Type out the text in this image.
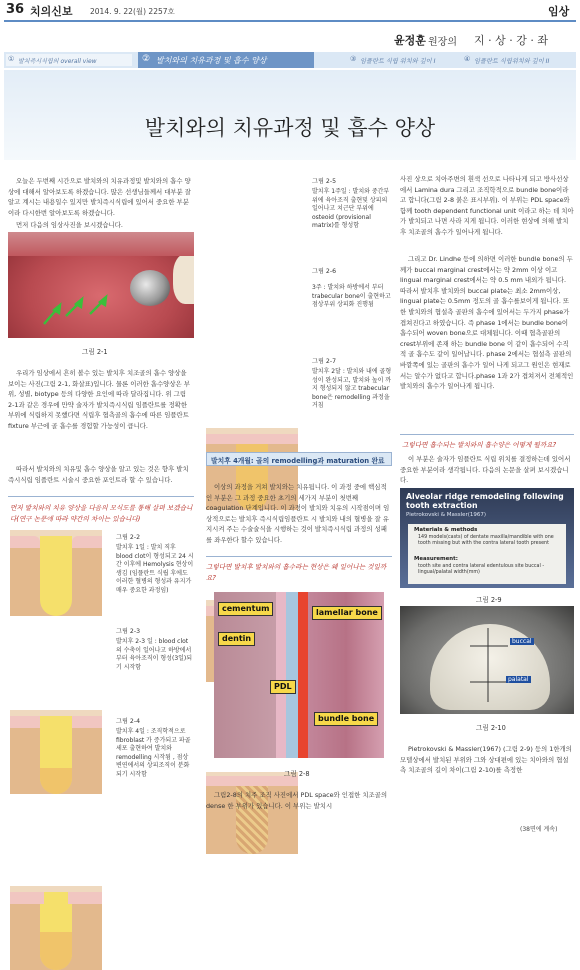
36 치의신보 2014. 9. 22(월) 2257호	임상
윤정훈 원장의 지 · 상 · 강 · 좌
① 발치즉시식립의 overall view	② 발치와의 치유과정 및 흡수 양상	③ 임플란트 식립 위치와 깊이 I	④ 임플란트 식립위치와 깊이 II
발치와의 치유과정 및 흡수 양상
오늘은 두번째 시간으로 발치와의 치유과정및 발치와의 흡수 양상에 대해서 알아보도록 하겠습니다. 많은 선생님들께서 대부분 잘 알고 계시는 내용일수 있지만 발치즉시식립에 있어서 중요한 부분이라 다시한번 알아보도록 하겠습니다.
먼저 다음의 임상사진을 보시겠습니다.
그림 2-1
우리가 임상에서 흔히 볼수 있는 발치후 치조골의 흡수 양상을 보이는 사진(그림 2-1, 화살표)입니다. 물론 이러한 흡수양상은 부위, 성별, biotype 등의 다양한 요인에 따라 달라집니다. 위 그림 2-1과 같은 경우에 만약 술자가 발치즉시식립 임플란트를 정확한 부위에 식립하지 못했다면 식립후 협측골의 흡수에 따른 임플란트 fixture 부근에 골 흡수를 경험할 가능성이 큽니다.
따라서 발치와의 치유및 흡수 양상을 알고 있는 것은 향후 발치즉시식립 임플란트 시술시 중요한 포인트라 할 수 있습니다.
먼저 발치와의 치유 양상을 다음의 모식도를 통해 살펴 보겠습니다(연구 논문에 따라 약간의 차이는 있습니다)
그림 2-2
발치후 1일 : 발치 직후 blood clot이 형성되고 24 시간 이후에 Hemolysis 현상이 생김 (임플란트 식립 후에도 이러한 혈병의 형성과 유지가 매우 중요한 과정임)
그림 2-3
발치후 2-3 일 : blood clot 의 수축이 일어나고 하방에서 부터 육아조직이 형성(3일)되기 시작함
그림 2-4
발치후 4일 : 조직학적으로 fibroblast 가 증가되고 파골세포 출현하여 발치와 remodelling 시작됨 , 점상변연에서의 상피조직이 분화되기 시작함
그림 2-5
발치후 1주일 : 발치와 중간부위에 육아조직 출현및 상피의 일어나고 치근단 부위에 osteoid (provisional matrix)를 형성함
그림 2-6
3주 : 발치와 하방에서 부터 trabecular bone이 출현하고 점상부위 상피화 진행됨
그림 2-7
발치후 2달 : 발치와 내에 골형성이 완성되고, 발치와 높이 까지 형성되지 않고 trabecular bone은 remodelling 과정을 거침
발치후 4개월: 골의 remodelling과 maturation 완료
이상의 과정을 거쳐 발치와는 치유됩니다. 이 과정 중에 핵심적인 부분은 그 과정 중요한 초기의 세가지 부분이 첫번째 coagulation 단계입니다. 이 과정이 발치와 치유의 시작점이며 임상적으로는 발치후 즉시식립임플란트 시 발치와 내의 혈병을 잘 유지시켜 주는 수술술식을 시행하는 것이 발치즉시식립 과정의 성패를 좌우한다 할수 있습니다.
그렇다면 발치후 발치와의 흡수라는 현상은 왜 일어나는 것일까요?
cementum
dentin
lamellar bone
PDL
bundle bone
그림 2-8
그림2-8의 치주 조직 사진에서 PDL space와 인접한 치조골의 dense 한 부위가 있습니다. 이 부위는 발치시
사진 상으로 치아주변의 흰색 선으로 나타나게 되고 방사선상에서 Lamina dura 그리고 조직학적으로 bundle bone이라고 합니다(그림 2-8 붉은 표시부위). 이 부위는 PDL space와 함께 tooth dependent functional unit 이라고 하는 데 치아가 발치되고 나면 사라 지게 됩니다. 이러한 현상에 의해 발치후 치조골의 흡수가 일어나게 됩니다.
그리고 Dr. Lindhe 등에 의하면 이러한 bundle bone의 두께가 buccal marginal crest에서는 약 2mm 이상 이고 lingual marginal crest에서는 약 0.5 mm 내외가 됩니다. 따라서 발치후 발치와의 buccal plate는 최소 2mm이상, lingual plate는 0.5mm 정도의 골 흡수를보이게 됩니다. 또한 발치와의 협설측 골판의 흡수에 있어서는 두가지 phase가 겹쳐진다고 하였습니다. 즉 phase 1에서는 bundle bone이 흡수되어 woven bone으로 대체됩니다. 이때 협측골판의 crest부위에 존재 하는 bundle bone 이 같이 흡수되어 수직적 골 흡수도 같이 일어납니다. phase 2에서는 협설측 골판의 바깥쪽에 있는 골판의 흡수가 일어 나게 되고그 원인은 현재로서는 알수가 없다고 합니다.phase 1과 2가 겹쳐져서 전체적인 발치와의 흡수가 일어나게 됩니다.
그렇다면 흡수되는 발치와의 흡수양은 어떻게 될까요?
이 부분은 술자가 임플란트 식립 위치를 결정하는데 있어서 중요한 부분이라 생각됩니다. 다음의 논문을 살펴 보시겠습니다.
Alveolar ridge remodeling following tooth extraction
Pietrokovski & Massler(1967)
Materials & methods
149 models(casts) of dentate maxilla/mandible with one tooth missing but with the contra lateral tooth present
Measurement:
tooth site and contra lateral edentulous site buccal - lingual/palatal width(mm)
그림 2-9
buccal
palatal
그림 2-10
Pietrokovski & Massler(1967) (그림 2-9) 등의 1한개의 모델상에서 발치된 부위와 그와 상대편에 있는 치아와의 협설측 치조골의 길이 차이(그림 2-10)를 측정한
(38면에 계속)
